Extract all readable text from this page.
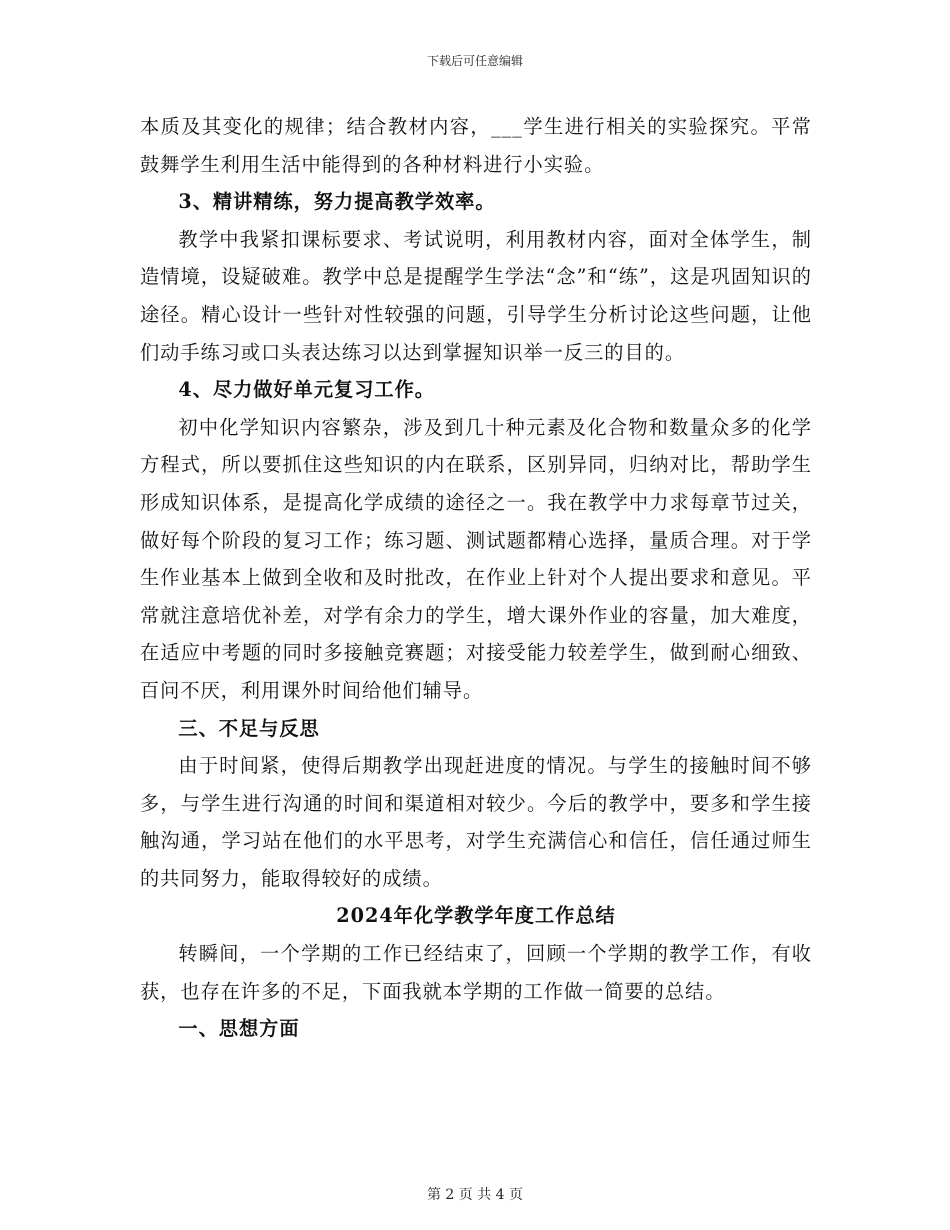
下载后可任意编辑

本质及其变化的规律；结合教材内容，___学生进行相关的实验探究。平常鼓舞学生利用生活中能得到的各种材料进行小实验。

3、精讲精练，努力提高教学效率。

教学中我紧扣课标要求、考试说明，利用教材内容，面对全体学生，制造情境，设疑破难。教学中总是提醒学生学法“念”和“练”，这是巩固知识的途径。精心设计一些针对性较强的问题，引导学生分析讨论这些问题，让他们动手练习或口头表达练习以达到掌握知识举一反三的目的。

4、尽力做好单元复习工作。

初中化学知识内容繁杂，涉及到几十种元素及化合物和数量众多的化学方程式，所以要抓住这些知识的内在联系，区别异同，归纳对比，帮助学生形成知识体系，是提高化学成绩的途径之一。我在教学中力求每章节过关，做好每个阶段的复习工作；练习题、测试题都精心选择，量质合理。对于学生作业基本上做到全收和及时批改，在作业上针对个人提出要求和意见。平常就注意培优补差，对学有余力的学生，增大课外作业的容量，加大难度，在适应中考题的同时多接触竞赛题；对接受能力较差学生，做到耐心细致、百问不厌，利用课外时间给他们辅导。

三、不足与反思

由于时间紧，使得后期教学出现赶进度的情况。与学生的接触时间不够多，与学生进行沟通的时间和渠道相对较少。今后的教学中，要多和学生接触沟通，学习站在他们的水平思考，对学生充满信心和信任，信任通过师生的共同努力，能取得较好的成绩。

2024年化学教学年度工作总结

转瞬间，一个学期的工作已经结束了，回顾一个学期的教学工作，有收获，也存在许多的不足，下面我就本学期的工作做一简要的总结。

一、思想方面

第 2 页 共 4 页
